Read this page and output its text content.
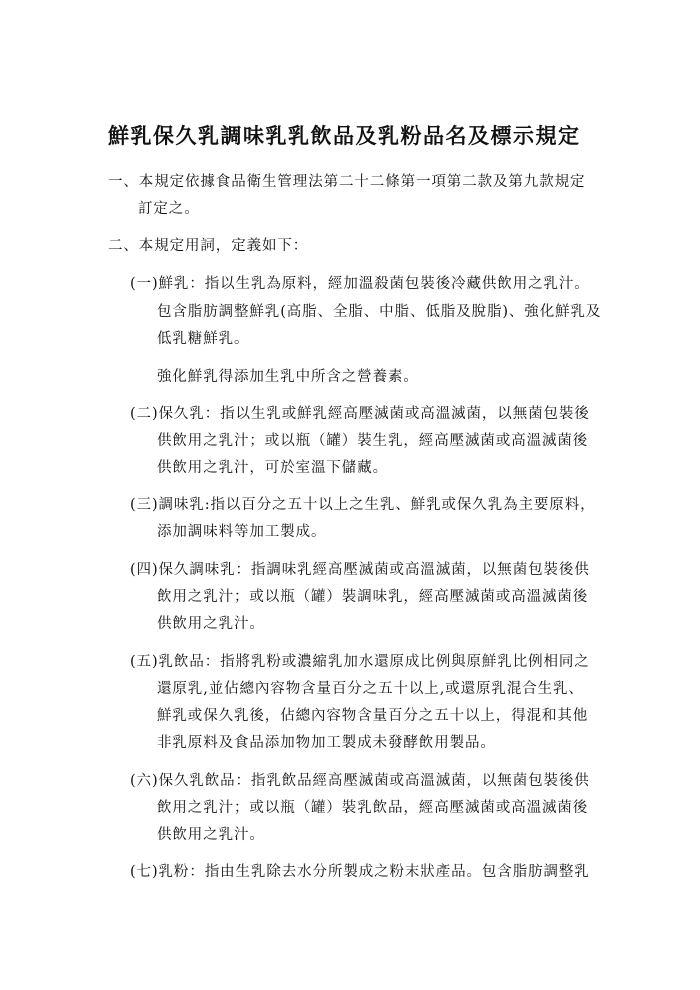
鮮乳保久乳調味乳乳飲品及乳粉品名及標示規定
一、本規定依據食品衛生管理法第二十二條第一項第二款及第九款規定
訂定之。
二、本規定用詞，定義如下：
(一)鮮乳：指以生乳為原料，經加溫殺菌包裝後冷藏供飲用之乳汁。
包含脂肪調整鮮乳(高脂、全脂、中脂、低脂及脫脂)、強化鮮乳及
低乳糖鮮乳。
強化鮮乳得添加生乳中所含之營養素。
(二)保久乳：指以生乳或鮮乳經高壓滅菌或高溫滅菌，以無菌包裝後
供飲用之乳汁；或以瓶（罐）裝生乳，經高壓滅菌或高溫滅菌後
供飲用之乳汁，可於室溫下儲藏。
(三)調味乳:指以百分之五十以上之生乳、鮮乳或保久乳為主要原料，
添加調味料等加工製成。
(四)保久調味乳：指調味乳經高壓滅菌或高溫滅菌，以無菌包裝後供
飲用之乳汁；或以瓶（罐）裝調味乳，經高壓滅菌或高溫滅菌後
供飲用之乳汁。
(五)乳飲品：指將乳粉或濃縮乳加水還原成比例與原鮮乳比例相同之
還原乳,並佔總內容物含量百分之五十以上,或還原乳混合生乳、
鮮乳或保久乳後，佔總內容物含量百分之五十以上，得混和其他
非乳原料及食品添加物加工製成未發酵飲用製品。
(六)保久乳飲品：指乳飲品經高壓滅菌或高溫滅菌，以無菌包裝後供
飲用之乳汁；或以瓶（罐）裝乳飲品，經高壓滅菌或高溫滅菌後
供飲用之乳汁。
(七)乳粉：指由生乳除去水分所製成之粉末狀產品。包含脂肪調整乳
